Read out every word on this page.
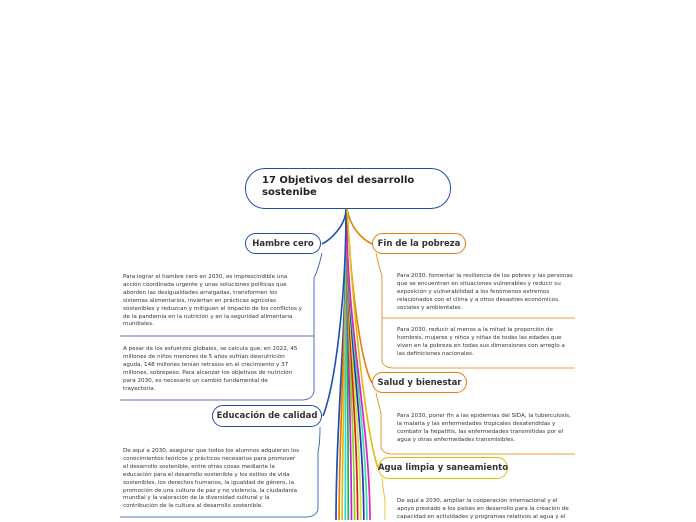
17 Objetivos del desarrollo
sostenibe
Hambre cero
Educación de calidad
Fin de la pobreza
Salud y bienestar
Agua limpia y saneamiento

Para lograr el hambre cero en 2030, es imprescindible una

acción coordinada urgente y unas soluciones políticas que

aborden las desigualdades arraigadas, transformen los

sistemas alimentarios, inviertan en prácticas agrícolas

sostenibles y reduzcan y mitiguen el impacto de los conflictos y

de la pandemia en la nutrición y en la seguridad alimentaria

mundiales.

A pesar de los esfuerzos globales, se calcula que, en 2022, 45

millones de niños menores de 5 años sufrían desnutrición

aguda, 148 millones tenían retrasos en el crecimiento y 37

millones, sobrepeso. Para alcanzar los objetivos de nutrición

para 2030, es necesario un cambio fundamental de

trayectoria.

De aquí a 2030, asegurar que todos los alumnos adquieran los

conocimientos teóricos y prácticos necesarios para promover

el desarrollo sostenible, entre otras cosas mediante la

educación para el desarrollo sostenible y los estilos de vida

sostenibles, los derechos humanos, la igualdad de género, la

promoción de una cultura de paz y no violencia, la ciudadanía

mundial y la valoración de la diversidad cultural y la

contribución de la cultura al desarrollo sostenible.

Para 2030, fomentar la resiliencia de los pobres y las personas

que se encuentran en situaciones vulnerables y reducir su

exposición y vulnerabilidad a los fenómenos extremos

relacionados con el clima y a otros desastres económicos,

sociales y ambientales.

Para 2030, reducir al menos a la mitad la proporción de

hombres, mujeres y niños y niñas de todas las edades que

viven en la pobreza en todas sus dimensiones con arreglo a

las definiciones nacionales.

Para 2030, poner fin a las epidemias del SIDA, la tuberculosis,

la malaria y las enfermedades tropicales desatendidas y

combatir la hepatitis, las enfermedades transmitidas por el

agua y otras enfermedades transmisibles.

De aquí a 2030, ampliar la cooperación internacional y el

apoyo prestado a los países en desarrollo para la creación de

capacidad en actividades y programas relativos al agua y el
